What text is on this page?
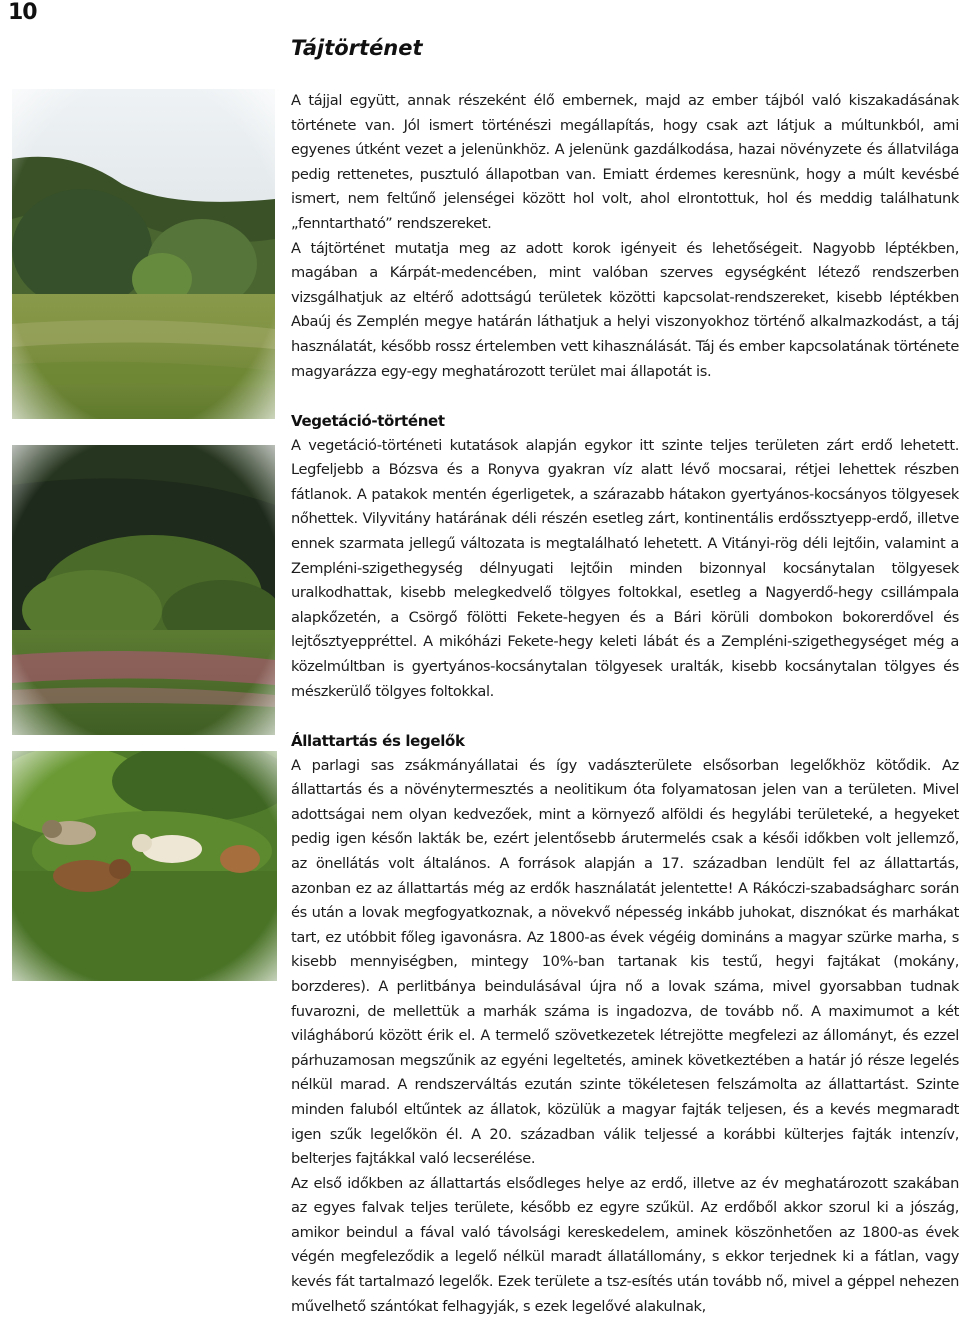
10
Tájtörténet

A tájjal együtt, annak részeként élő embernek, majd az ember tájból való kiszakadásának története van. Jól ismert történészi megállapítás, hogy csak azt látjuk a múltunkból, ami egyenes útként vezet a jelenünkhöz. A jelenünk gazdálkodása, hazai növényzete és állatvilága pedig rettenetes, pusztuló állapotban van. Emiatt érdemes keresnünk, hogy a múlt kevésbé ismert, nem feltűnő jelenségei között hol volt, ahol elrontottuk, hol és meddig találhatunk „fenntartható” rendszereket.

A tájtörténet mutatja meg az adott korok igényeit és lehetőségeit. Nagyobb léptékben, magában a Kárpát-medencében, mint valóban szerves egységként létező rendszerben vizsgálhatjuk az eltérő adottságú területek közötti kapcsolat-rendszereket, kisebb léptékben Abaúj és Zemplén megye határán láthatjuk a helyi viszonyokhoz történő alkalmazkodást, a táj használatát, később rossz értelemben vett kihasználását. Táj és ember kapcsolatának története magyarázza egy-egy meghatározott terület mai állapotát is.

Vegetáció-történet

A vegetáció-történeti kutatások alapján egykor itt szinte teljes területen zárt erdő lehetett. Legfeljebb a Bózsva és a Ronyva gyakran víz alatt lévő mocsarai, rétjei lehettek részben fátlanok. A patakok mentén égerligetek, a szárazabb hátakon gyertyános-kocsányos tölgyesek nőhettek. Vilyvitány határának déli részén esetleg zárt, kontinentális erdőssztyepp-erdő, illetve ennek szarmata jellegű változata is megtalálható lehetett. A Vitányi-rög déli lejtőin, valamint a Zempléni-szigethegység délnyugati lejtőin minden bizonnyal kocsánytalan tölgyesek uralkodhattak, kisebb melegkedvelő tölgyes foltokkal, esetleg a Nagyerdő-hegy csillámpala alapkőzetén, a Csörgő fölötti Fekete-hegyen és a Bári körüli dombokon bokorerdővel és lejtősztyeppréttel. A mikóházi Fekete-hegy keleti lábát és a Zempléni-szigethegységet még a közelmúltban is gyertyános-kocsánytalan tölgyesek uralták, kisebb kocsánytalan tölgyes és mészkerülő tölgyes foltokkal.

Állattartás és legelők

A parlagi sas zsákmányállatai és így vadászterülete elsősorban legelőkhöz kötődik. Az állattartás és a növénytermesztés a neolitikum óta folyamatosan jelen van a területen. Mivel adottságai nem olyan kedvezőek, mint a környező alföldi és hegylábi területeké, a hegyeket pedig igen későn lakták be, ezért jelentősebb árutermelés csak a késői időkben volt jellemző, az önellátás volt általános. A források alapján a 17. században lendült fel az állattartás, azonban ez az állattartás még az erdők használatát jelentette! A Rákóczi-szabadságharc során és után a lovak megfogyatkoznak, a növekvő népesség inkább juhokat, disznókat és marhákat tart, ez utóbbit főleg igavonásra. Az 1800-as évek végéig domináns a magyar szürke marha, s kisebb mennyiségben, mintegy 10%-ban tartanak kis testű, hegyi fajtákat (mokány, borzderes). A perlitbánya beindulásával újra nő a lovak száma, mivel gyorsabban tudnak fuvarozni, de mellettük a marhák száma is ingadozva, de tovább nő. A maximumot a két világháború között érik el. A termelő szövetkezetek létrejötte megfelezi az állományt, és ezzel párhuzamosan megszűnik az egyéni legeltetés, aminek következtében a határ jó része legelés nélkül marad. A rendszerváltás ezután szinte tökéletesen felszámolta az állattartást. Szinte minden faluból eltűntek az állatok, közülük a magyar fajták teljesen, és a kevés megmaradt igen szűk legelőkön él. A 20. században válik teljessé a korábbi külterjes fajták intenzív, belterjes fajtákkal való lecserélése.

Az első időkben az állattartás elsődleges helye az erdő, illetve az év meghatározott szakában az egyes falvak teljes területe, később ez egyre szűkül. Az erdőből akkor szorul ki a jószág, amikor beindul a fával való távolsági kereskedelem, aminek köszönhetően az 1800-as évek végén megfeleződik a legelő nélkül maradt állatállomány, s ekkor terjednek ki a fátlan, vagy kevés fát tartalmazó legelők. Ezek területe a tsz-esítés után tovább nő, mivel a géppel nehezen művelhető szántókat felhagyják, s ezek legelővé alakulnak,
